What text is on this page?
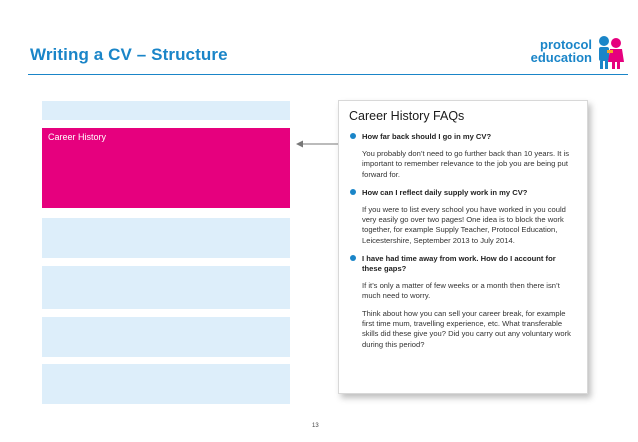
Writing a CV – Structure
protocol
education
Career History
Career History FAQs
How far back should I go in my CV?
You probably don’t need to go further back than 10 years. It is important to remember relevance to the job you are being put forward for.
How can I reflect daily supply work in my CV?
If you were to list every school you have worked in you could very easily go over two pages! One idea is to block the work together, for example Supply Teacher, Protocol Education, Leicestershire, September 2013 to July 2014.
I have had time away from work. How do I account for these gaps?
If it’s only a matter of few weeks or a month then there isn’t much need to worry.
Think about how you can sell your career break, for example first time mum, travelling experience, etc. What transferable skills did these give you? Did you carry out any voluntary work during this period?
13
